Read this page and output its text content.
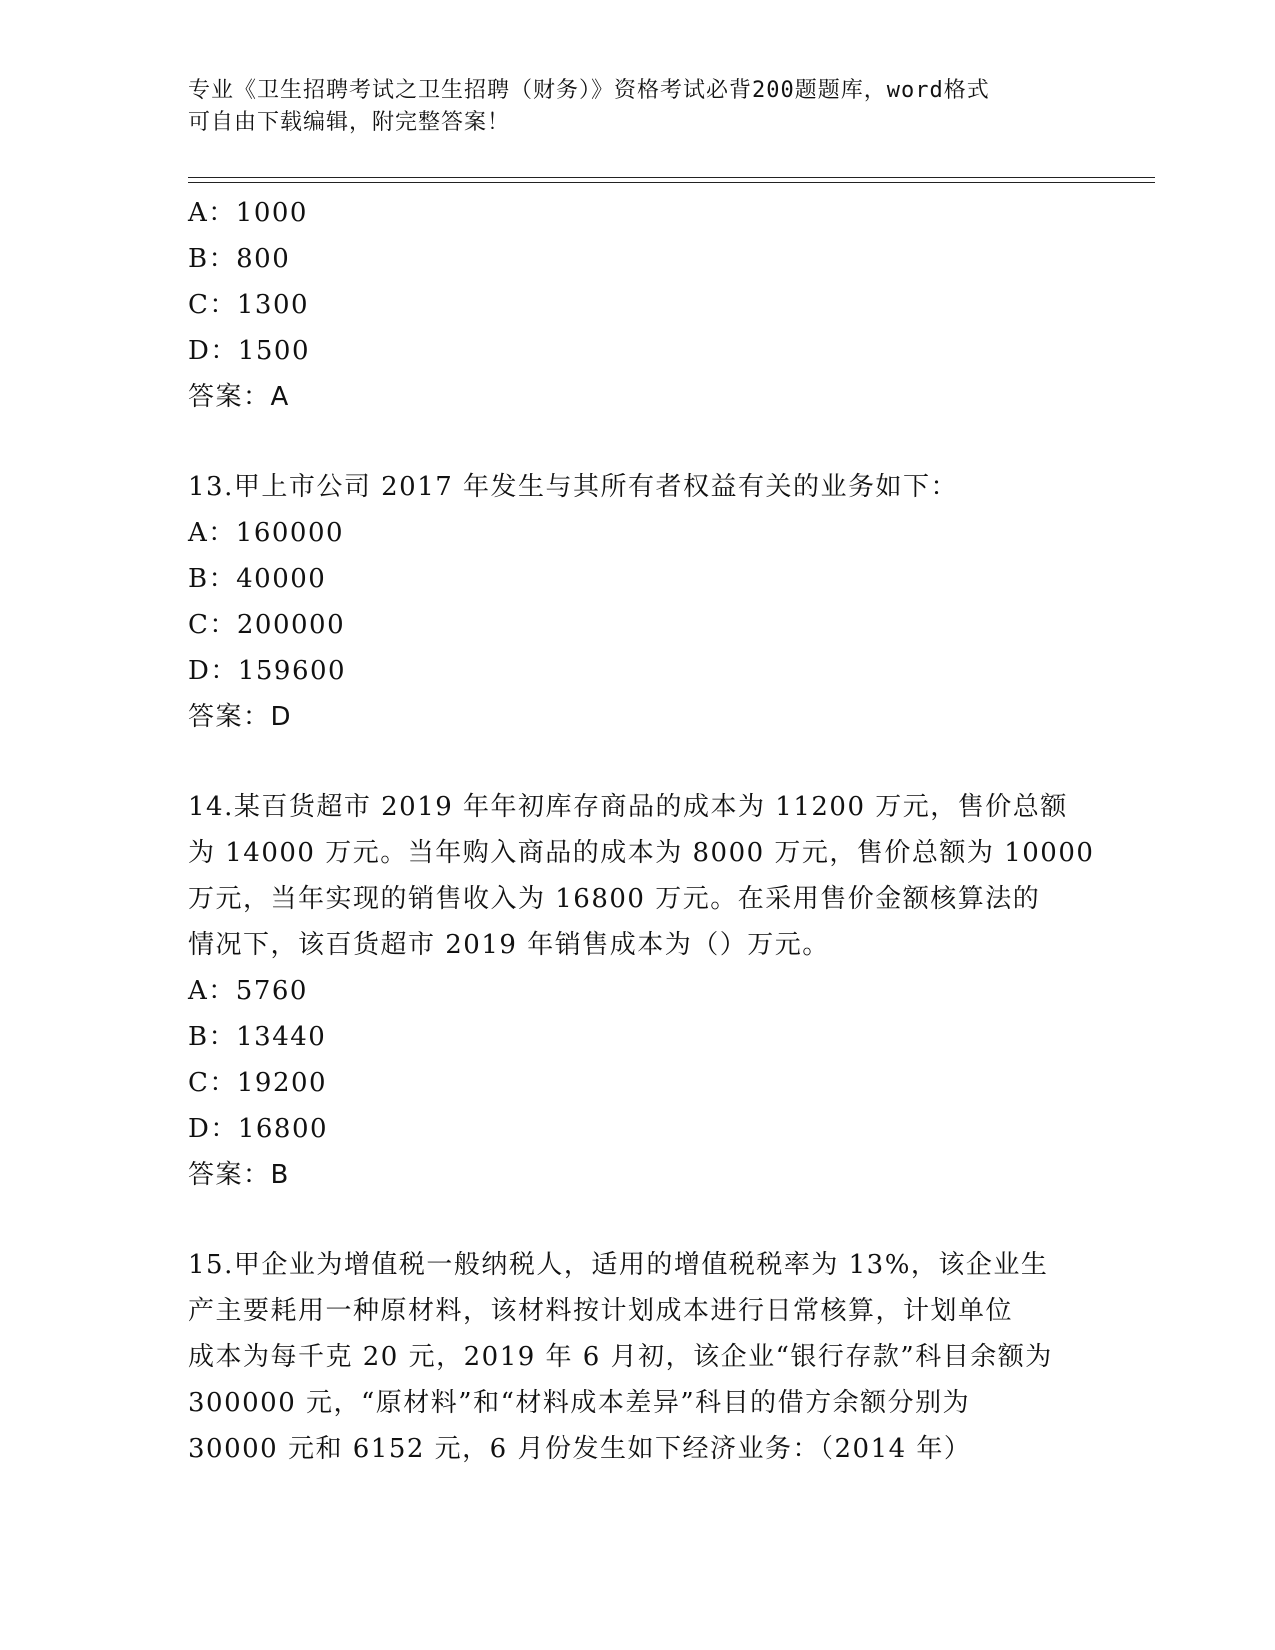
专业《卫生招聘考试之卫生招聘（财务）》资格考试必背200题题库，word格式
可自由下载编辑，附完整答案！
A：1000
B：800
C：1300
D：1500
答案：A
13.甲上市公司 2017 年发生与其所有者权益有关的业务如下：
A：160000
B：40000
C：200000
D：159600
答案：D
14.某百货超市 2019 年年初库存商品的成本为 11200 万元，售价总额
为 14000 万元。当年购入商品的成本为 8000 万元，售价总额为 10000
万元，当年实现的销售收入为 16800 万元。在采用售价金额核算法的
情况下，该百货超市 2019 年销售成本为（）万元。
A：5760
B：13440
C：19200
D：16800
答案：B
15.甲企业为增值税一般纳税人，适用的增值税税率为 13%，该企业生
产主要耗用一种原材料，该材料按计划成本进行日常核算，计划单位
成本为每千克 20 元，2019 年 6 月初，该企业“银行存款”科目余额为
300000 元，“原材料”和“材料成本差异”科目的借方余额分别为
30000 元和 6152 元，6 月份发生如下经济业务：（2014 年）
